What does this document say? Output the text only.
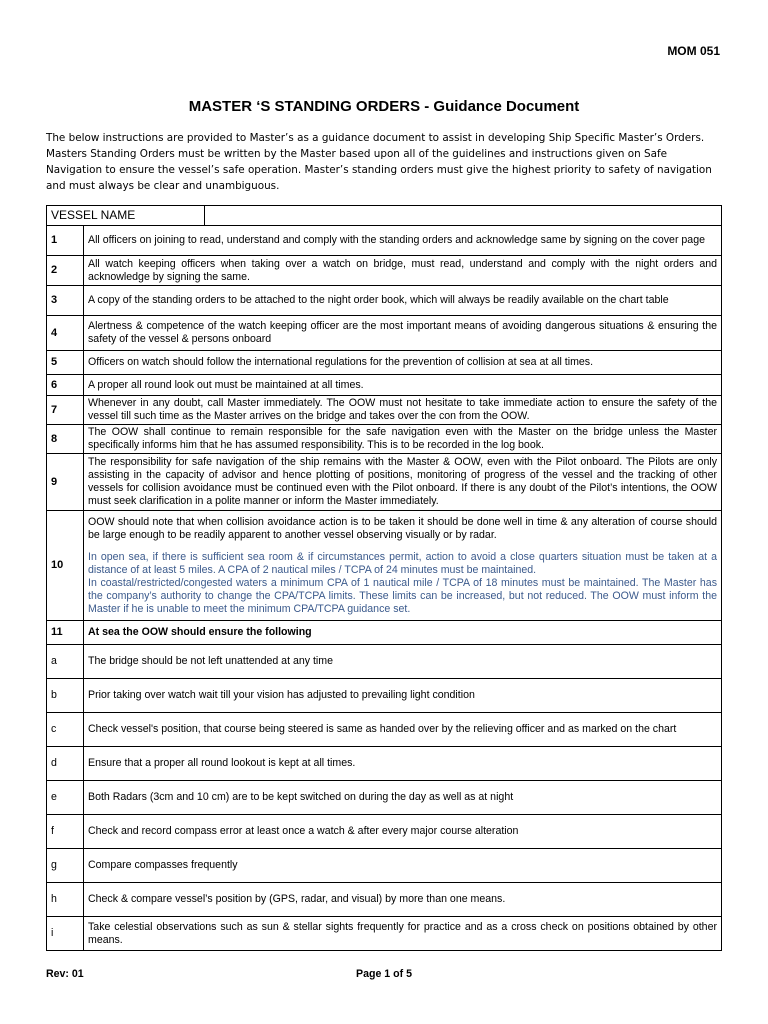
MOM 051
MASTER ‘S STANDING ORDERS - Guidance Document
The below instructions are provided to Master’s as a guidance document to assist in developing Ship Specific Master’s Orders. Masters Standing Orders must be written by the Master based upon all of the guidelines and instructions given on Safe Navigation to ensure the vessel’s safe operation. Master’s standing orders must give the highest priority to safety of navigation and must always be clear and unambiguous.
VESSEL NAME		
1	All officers on joining to read, understand and comply with the standing orders and acknowledge same by signing on the cover page	
2	All watch keeping officers when taking over a watch on bridge, must read, understand and comply with the night orders and acknowledge by signing the same.	
3	A copy of the standing orders to be attached to the night order book, which will always be readily available on the chart table	
4	Alertness & competence of the watch keeping officer are the most important means of avoiding dangerous situations & ensuring the safety of the vessel & persons onboard	
5	Officers on watch should follow the international regulations for the prevention of collision at sea at all times.	
6	A proper all round look out must be maintained at all times.	
7	Whenever in any doubt, call Master immediately. The OOW must not hesitate to take immediate action to ensure the safety of the vessel till such time as the Master arrives on the bridge and takes over the con from the OOW.	
8	The OOW shall continue to remain responsible for the safe navigation even with the Master on the bridge unless the Master specifically informs him that he has assumed responsibility. This is to be recorded in the log book.	
9	The responsibility for safe navigation of the ship remains with the Master & OOW, even with the Pilot onboard. The Pilots are only assisting in the capacity of advisor and hence plotting of positions, monitoring of progress of the vessel and the tracking of other vessels for collision avoidance must be continued even with the Pilot onboard. If there is any doubt of the Pilot’s intentions, the OOW must seek clarification in a polite manner or inform the Master immediately.	
10	OOW should note that when collision avoidance action is to be taken it should be done well in time & any alteration of course should be large enough to be readily apparent to another vessel observing visually or by radar.
In open sea, if there is sufficient sea room & if circumstances permit, action to avoid a close quarters situation must be taken at a distance of at least 5 miles. A CPA of 2 nautical miles / TCPA of 24 minutes must be maintained.
In coastal/restricted/congested waters a minimum CPA of 1 nautical mile / TCPA of 18 minutes must be maintained. The Master has the company’s authority to change the CPA/TCPA limits. These limits can be increased, but not reduced. The OOW must inform the Master if he is unable to meet the minimum CPA/TCPA guidance set.	

11	At sea the OOW should ensure the following	
a	The bridge should be not left unattended at any time	
b	Prior taking over watch wait till your vision has adjusted to prevailing light condition	
c	Check vessel's position, that course being steered is same as handed over by the relieving officer and as marked on the chart	
d	Ensure that a proper all round lookout is kept at all times.	
e	Both Radars (3cm and 10 cm) are to be kept switched on during the day as well as at night	
f	Check and record compass error at least once a watch & after every major course alteration	
g	Compare compasses frequently	
h	Check & compare vessel’s position by (GPS, radar, and visual) by more than one means.	
i	Take celestial observations such as sun & stellar sights frequently for practice and as a cross check on positions obtained by other means.	
Rev: 01	Page 1 of 5
